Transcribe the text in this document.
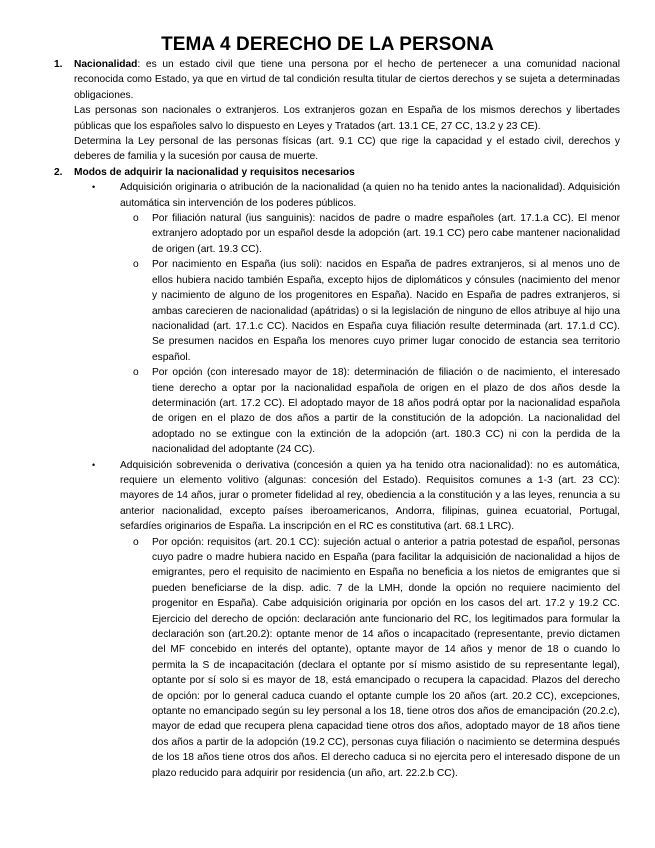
TEMA 4 DERECHO DE LA PERSONA
1. Nacionalidad: es un estado civil que tiene una persona por el hecho de pertenecer a una comunidad nacional reconocida como Estado, ya que en virtud de tal condición resulta titular de ciertos derechos y se sujeta a determinadas obligaciones.

Las personas son nacionales o extranjeros. Los extranjeros gozan en España de los mismos derechos y libertades públicas que los españoles salvo lo dispuesto en Leyes y Tratados (art. 13.1 CE, 27 CC, 13.2 y 23 CE).

Determina la Ley personal de las personas físicas (art. 9.1 CC) que rige la capacidad y el estado civil, derechos y deberes de familia y la sucesión por causa de muerte.

2. Modos de adquirir la nacionalidad y requisitos necesarios

• Adquisición originaria o atribución de la nacionalidad (a quien no ha tenido antes la nacionalidad). Adquisición automática sin intervención de los poderes públicos.

o Por filiación natural (ius sanguinis): nacidos de padre o madre españoles (art. 17.1.a CC). El menor extranjero adoptado por un español desde la adopción (art. 19.1 CC) pero cabe mantener nacionalidad de origen (art. 19.3 CC).

o Por nacimiento en España (ius soli): nacidos en España de padres extranjeros, si al menos uno de ellos hubiera nacido también España, excepto hijos de diplomáticos y cónsules (nacimiento del menor y nacimiento de alguno de los progenitores en España). Nacido en España de padres extranjeros, si ambas carecieren de nacionalidad (apátridas) o si la legislación de ninguno de ellos atribuye al hijo una nacionalidad (art. 17.1.c CC). Nacidos en España cuya filiación resulte determinada (art. 17.1.d CC). Se presumen nacidos en España los menores cuyo primer lugar conocido de estancia sea territorio español.

o Por opción (con interesado mayor de 18): determinación de filiación o de nacimiento, el interesado tiene derecho a optar por la nacionalidad española de origen en el plazo de dos años desde la determinación (art. 17.2 CC). El adoptado mayor de 18 años podrá optar por la nacionalidad española de origen en el plazo de dos años a partir de la constitución de la adopción. La nacionalidad del adoptado no se extingue con la extinción de la adopción (art. 180.3 CC) ni con la perdida de la nacionalidad del adoptante (24 CC).

• Adquisición sobrevenida o derivativa (concesión a quien ya ha tenido otra nacionalidad): no es automática, requiere un elemento volitivo (algunas: concesión del Estado). Requisitos comunes a 1-3 (art. 23 CC): mayores de 14 años, jurar o prometer fidelidad al rey, obediencia a la constitución y a las leyes, renuncia a su anterior nacionalidad, excepto países iberoamericanos, Andorra, filipinas, guinea ecuatorial, Portugal, sefardíes originarios de España. La inscripción en el RC es constitutiva (art. 68.1 LRC).

o Por opción: requisitos (art. 20.1 CC): sujeción actual o anterior a patria potestad de español, personas cuyo padre o madre hubiera nacido en España (para facilitar la adquisición de nacionalidad a hijos de emigrantes, pero el requisito de nacimiento en España no beneficia a los nietos de emigrantes que si pueden beneficiarse de la disp. adic. 7 de la LMH, donde la opción no requiere nacimiento del progenitor en España). Cabe adquisición originaria por opción en los casos del art. 17.2 y 19.2 CC. Ejercicio del derecho de opción: declaración ante funcionario del RC, los legitimados para formular la declaración son (art.20.2): optante menor de 14 años o incapacitado (representante, previo dictamen del MF concebido en interés del optante), optante mayor de 14 años y menor de 18 o cuando lo permita la S de incapacitación (declara el optante por sí mismo asistido de su representante legal), optante por sí solo si es mayor de 18, está emancipado o recupera la capacidad. Plazos del derecho de opción: por lo general caduca cuando el optante cumple los 20 años (art. 20.2 CC), excepciones, optante no emancipado según su ley personal a los 18, tiene otros dos años de emancipación (20.2.c), mayor de edad que recupera plena capacidad tiene otros dos años, adoptado mayor de 18 años tiene dos años a partir de la adopción (19.2 CC), personas cuya filiación o nacimiento se determina después de los 18 años tiene otros dos años. El derecho caduca si no ejercita pero el interesado dispone de un plazo reducido para adquirir por residencia (un año, art. 22.2.b CC).
